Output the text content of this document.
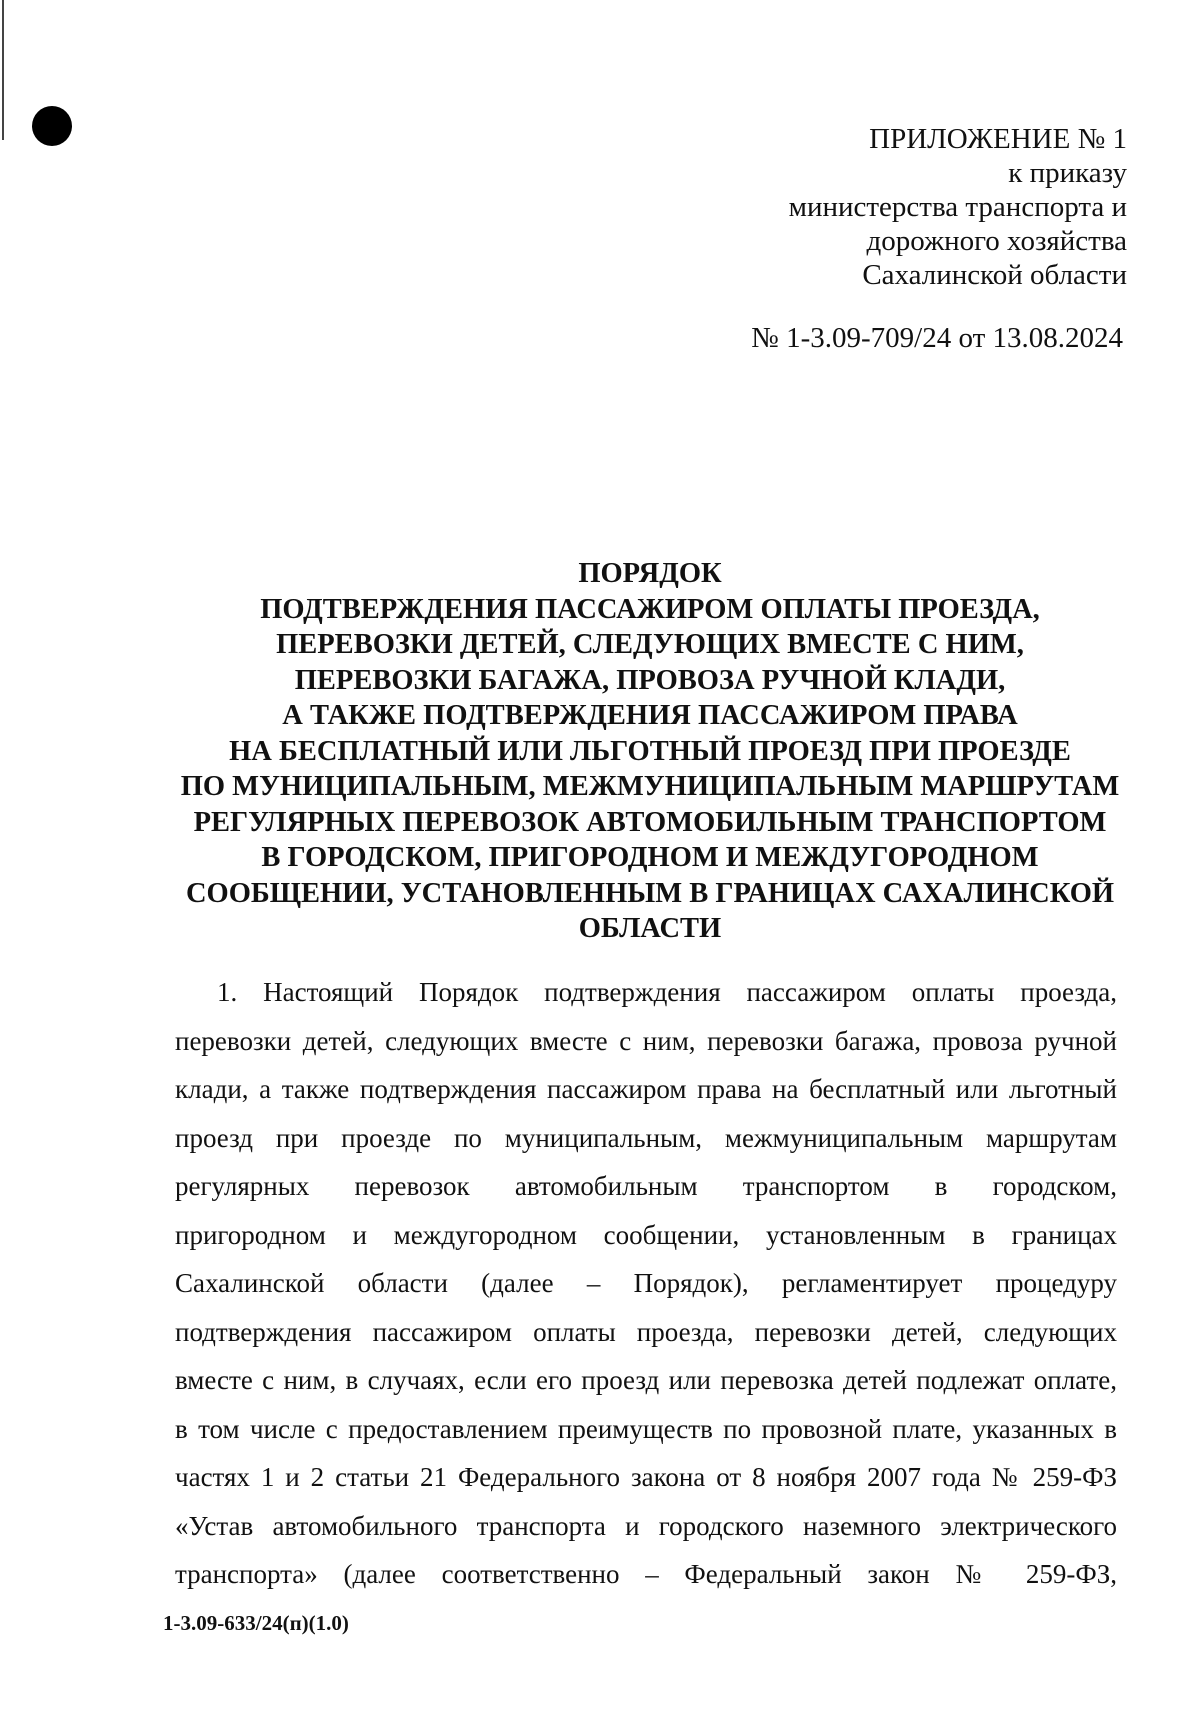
ПРИЛОЖЕНИЕ № 1
к приказу
министерства транспорта и
дорожного хозяйства
Сахалинской области
№ 1-3.09-709/24 от 13.08.2024
ПОРЯДОК
ПОДТВЕРЖДЕНИЯ ПАССАЖИРОМ ОПЛАТЫ ПРОЕЗДА,
ПЕРЕВОЗКИ ДЕТЕЙ, СЛЕДУЮЩИХ ВМЕСТЕ С НИМ,
ПЕРЕВОЗКИ БАГАЖА, ПРОВОЗА РУЧНОЙ КЛАДИ,
А ТАКЖЕ ПОДТВЕРЖДЕНИЯ ПАССАЖИРОМ ПРАВА
НА БЕСПЛАТНЫЙ ИЛИ ЛЬГОТНЫЙ ПРОЕЗД ПРИ ПРОЕЗДЕ
ПО МУНИЦИПАЛЬНЫМ, МЕЖМУНИЦИПАЛЬНЫМ МАРШРУТАМ
РЕГУЛЯРНЫХ ПЕРЕВОЗОК АВТОМОБИЛЬНЫМ ТРАНСПОРТОМ
В ГОРОДСКОМ, ПРИГОРОДНОМ И МЕЖДУГОРОДНОМ
СООБЩЕНИИ, УСТАНОВЛЕННЫМ В ГРАНИЦАХ САХАЛИНСКОЙ
ОБЛАСТИ
1. Настоящий Порядок подтверждения пассажиром оплаты проезда,
перевозки детей, следующих вместе с ним, перевозки багажа, провоза ручной
клади, а также подтверждения пассажиром права на бесплатный или льготный
проезд при проезде по муниципальным, межмуниципальным маршрутам
регулярных перевозок автомобильным транспортом в городском,
пригородном и междугородном сообщении, установленным в границах
Сахалинской области (далее – Порядок), регламентирует процедуру
подтверждения пассажиром оплаты проезда, перевозки детей, следующих
вместе с ним, в случаях, если его проезд или перевозка детей подлежат оплате,
в том числе с предоставлением преимуществ по провозной плате, указанных в
частях 1 и 2 статьи 21 Федерального закона от 8 ноября 2007 года № 259-ФЗ
«Устав автомобильного транспорта и городского наземного электрического
транспорта» (далее соответственно – Федеральный закон № 259-ФЗ,
1-3.09-633/24(п)(1.0)
